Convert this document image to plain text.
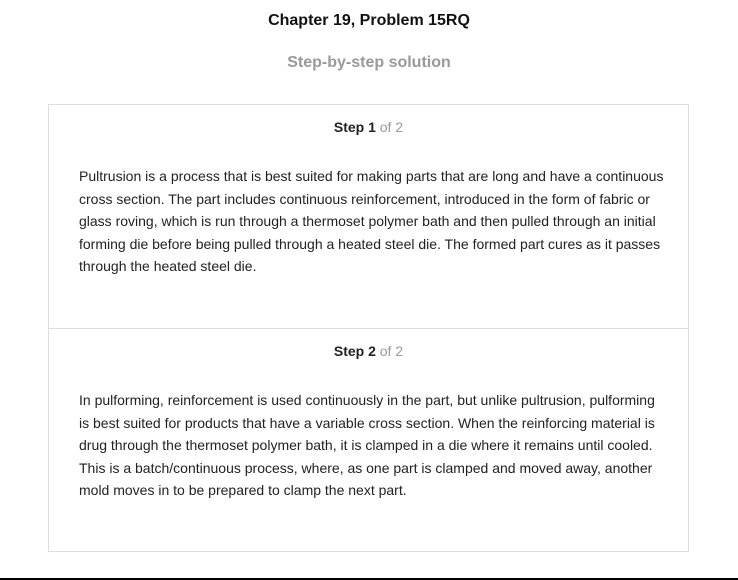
Chapter 19, Problem 15RQ
Step-by-step solution
Step 1 of 2

Pultrusion is a process that is best suited for making parts that are long and have a continuous cross section. The part includes continuous reinforcement, introduced in the form of fabric or glass roving, which is run through a thermoset polymer bath and then pulled through an initial forming die before being pulled through a heated steel die. The formed part cures as it passes through the heated steel die.

Step 2 of 2

In pulforming, reinforcement is used continuously in the part, but unlike pultrusion, pulforming is best suited for products that have a variable cross section. When the reinforcing material is drug through the thermoset polymer bath, it is clamped in a die where it remains until cooled. This is a batch/continuous process, where, as one part is clamped and moved away, another mold moves in to be prepared to clamp the next part.
